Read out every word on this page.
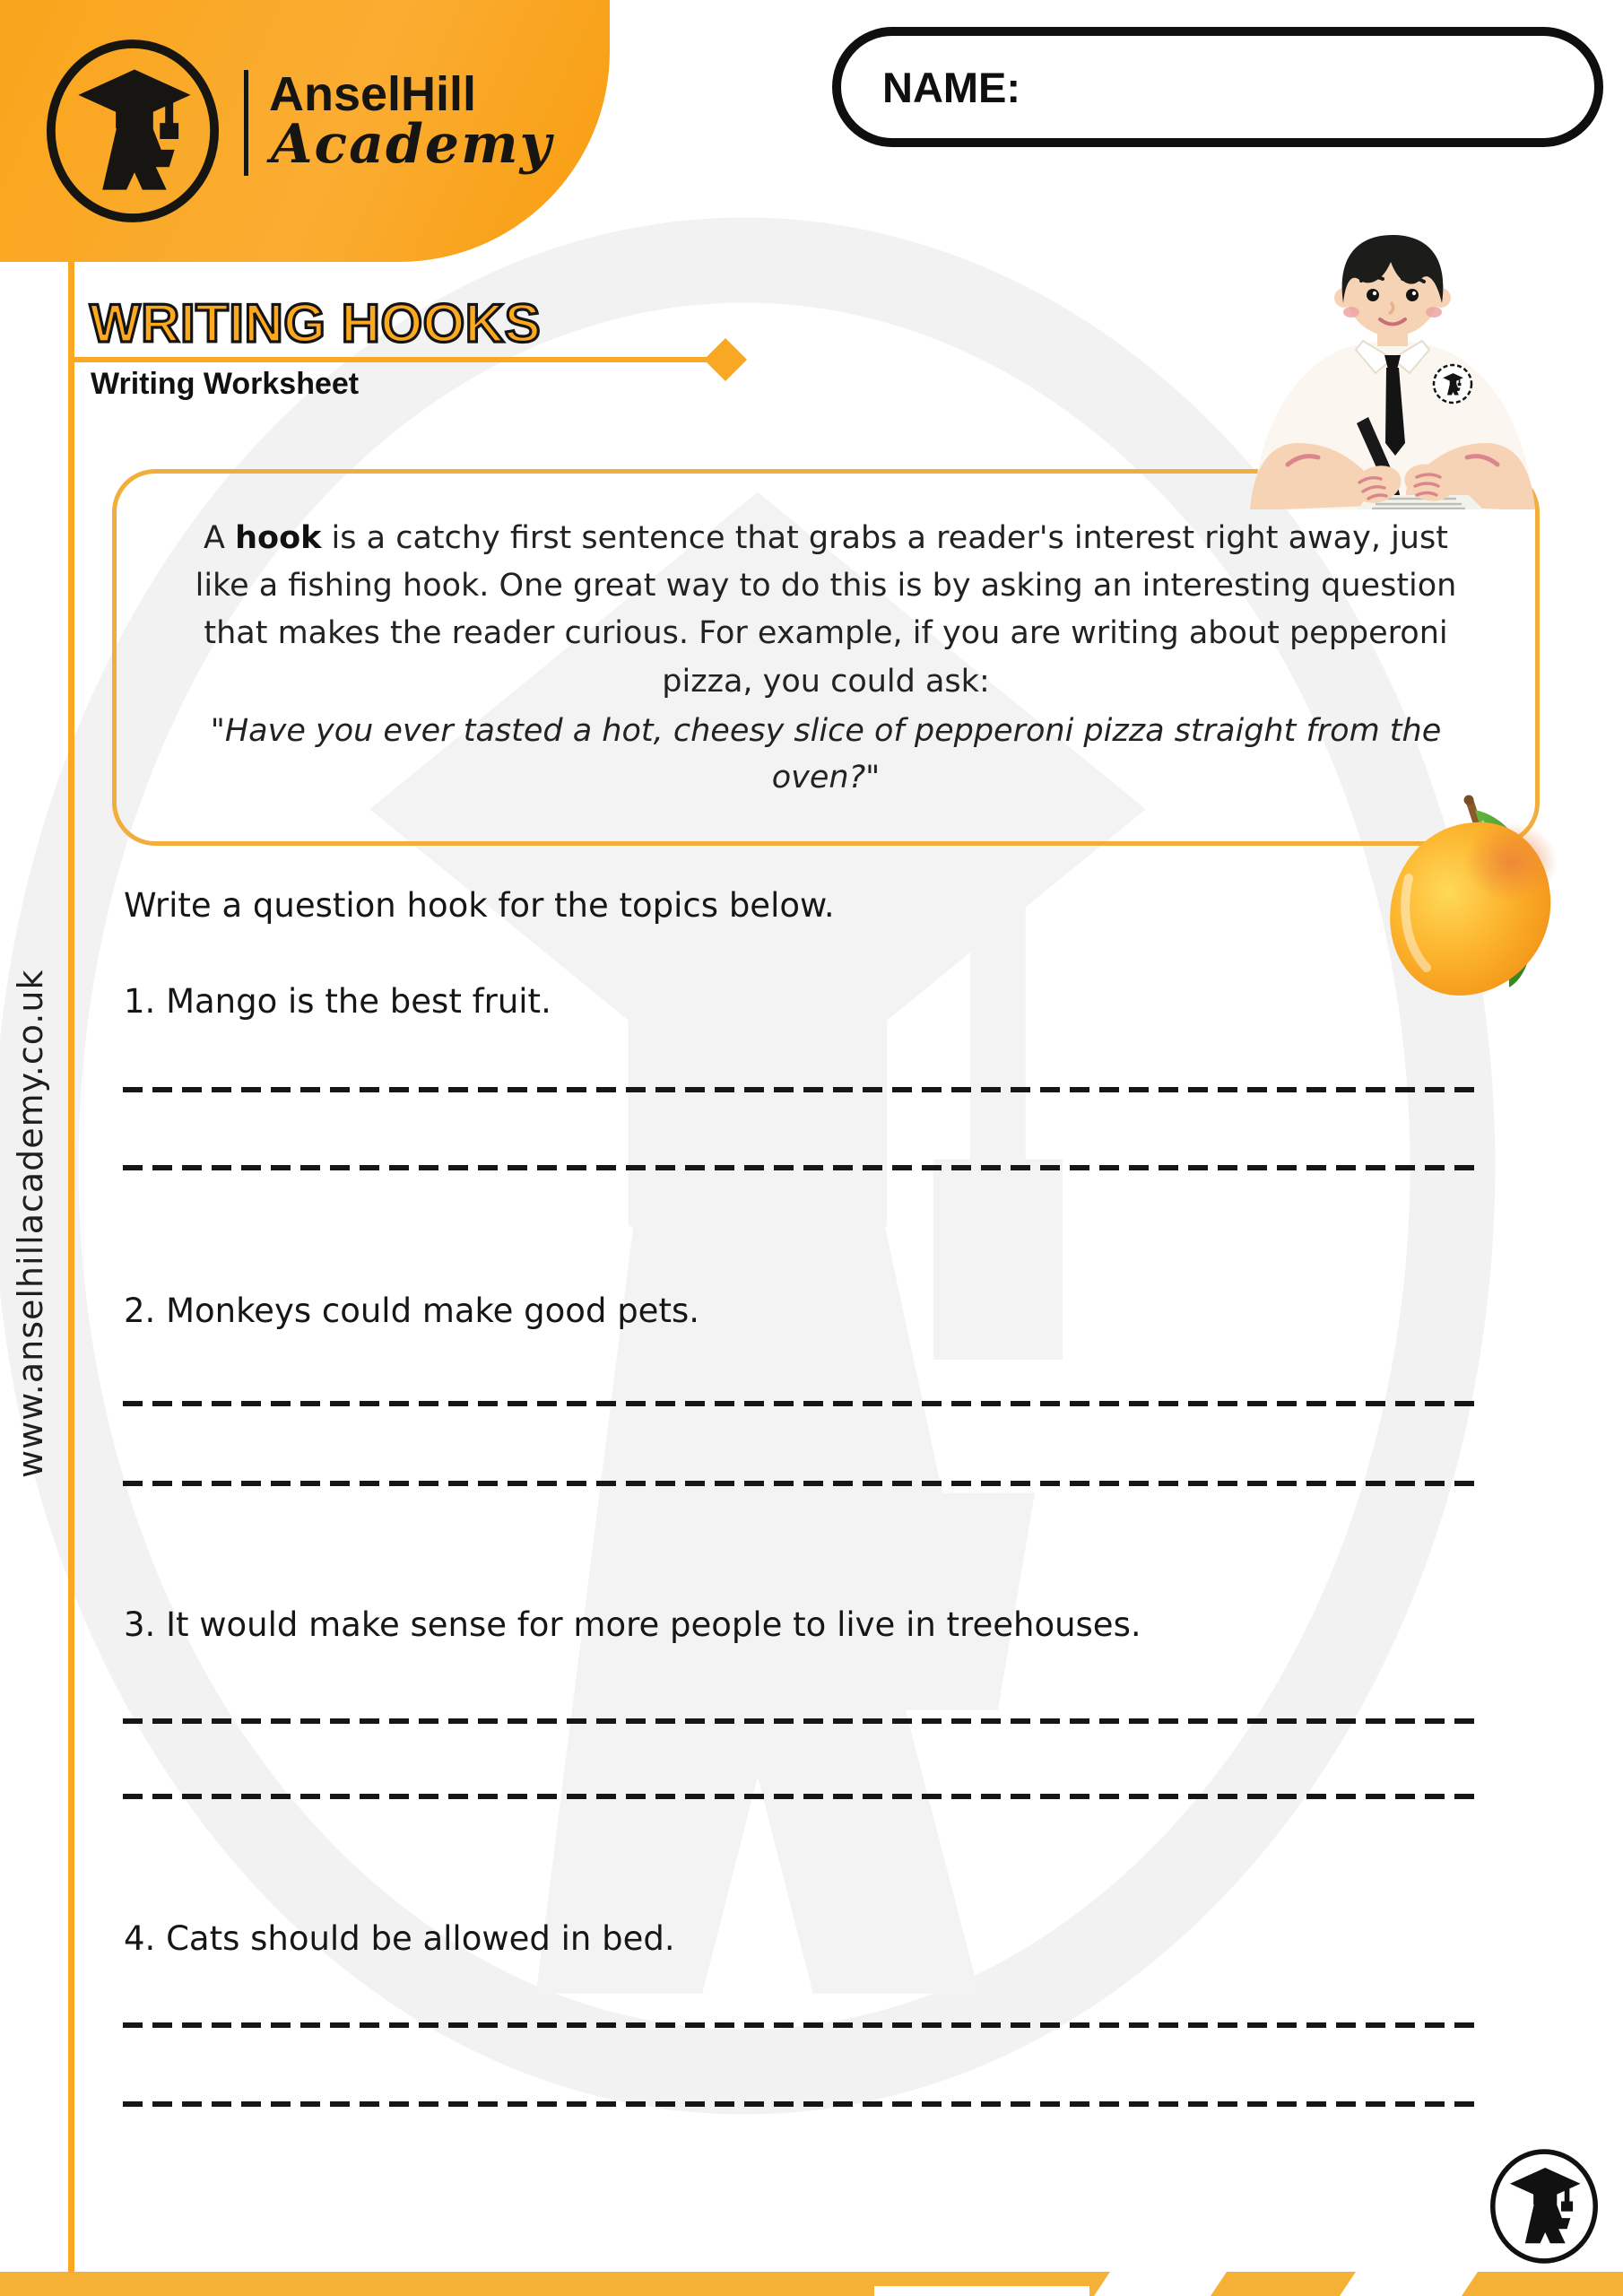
AnselHill
Academy
NAME:
WRITING HOOKS
Writing Worksheet

A hook is a catchy first sentence that grabs a reader's interest right away, just like a fishing hook. One great way to do this is by asking an interesting question that makes the reader curious. For example, if you are writing about pepperoni pizza, you could ask:

"Have you ever tasted a hot, cheesy slice of pepperoni pizza straight from the oven?"

Write a question hook for the topics below.
1. Mango is the best fruit.
2. Monkeys could make good pets.
3. It would make sense for more people to live in treehouses.
4. Cats should be allowed in bed.
www.anselhillacademy.co.uk
